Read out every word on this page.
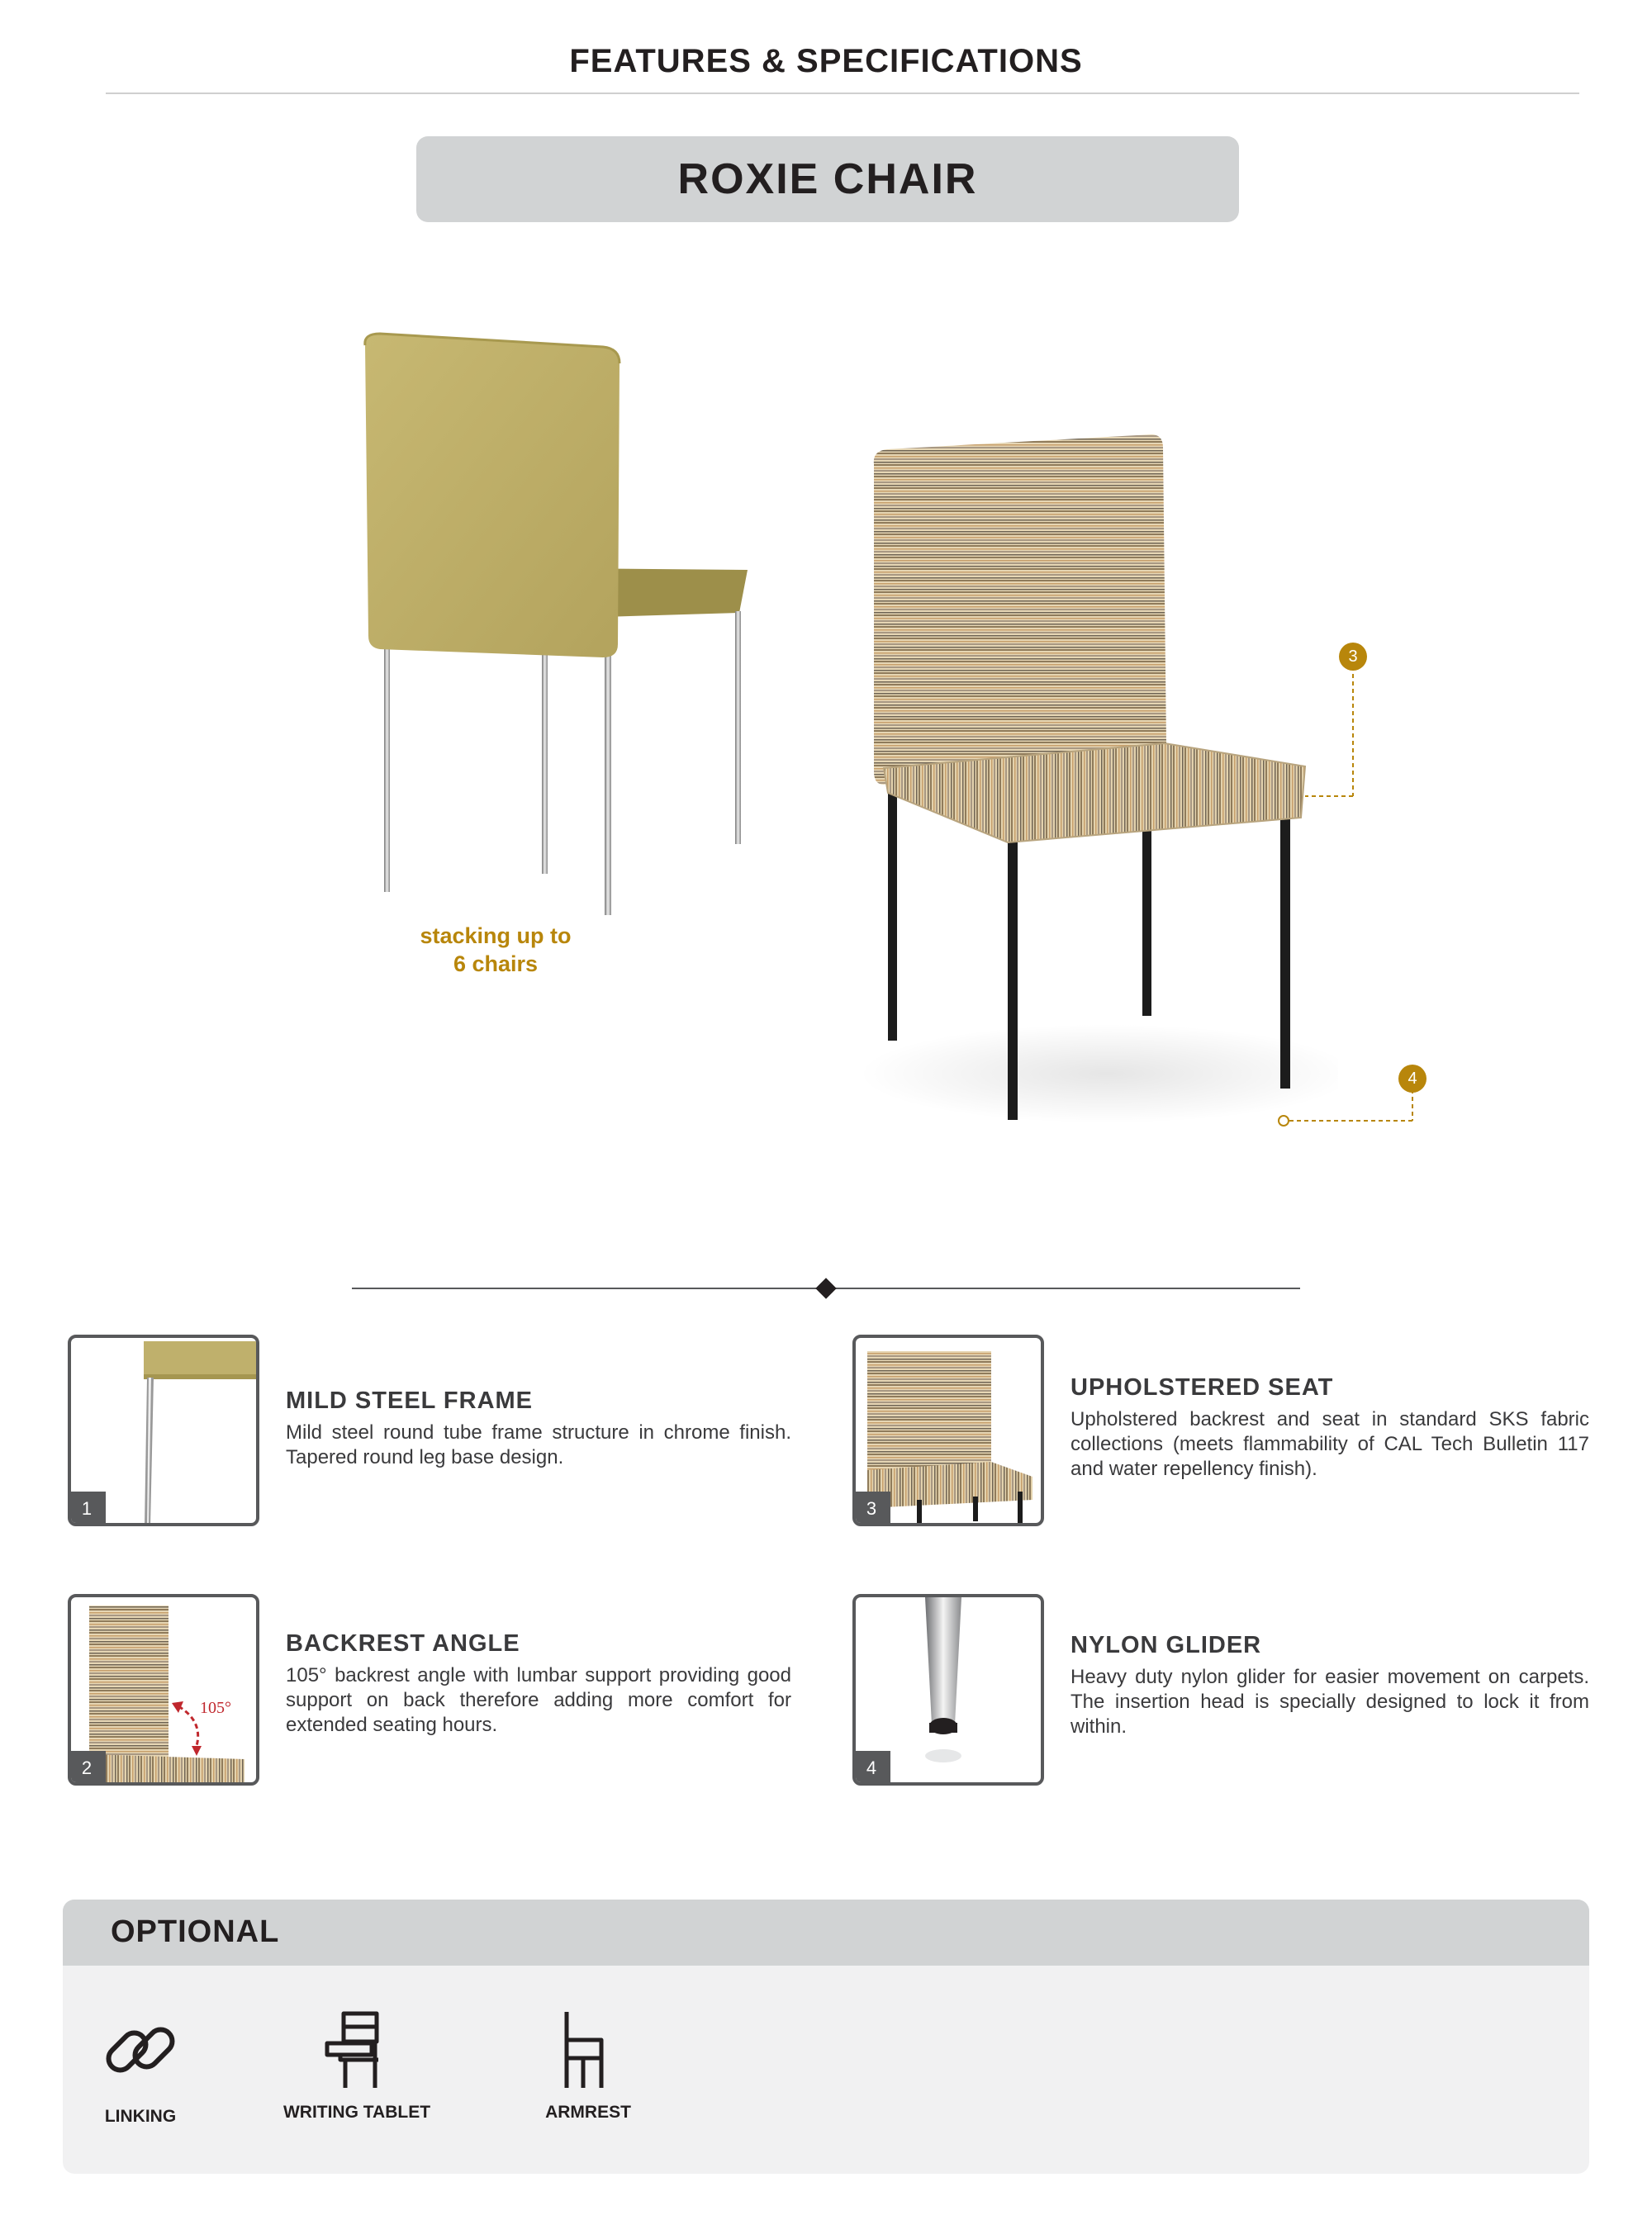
FEATURES & SPECIFICATIONS
ROXIE CHAIR
stacking up to
6 chairs
3
4
1
MILD STEEL FRAME
Mild steel round tube frame structure in chrome finish. Tapered round leg base design.
3
UPHOLSTERED SEAT
Upholstered backrest and seat in standard SKS fabric collections (meets flammability of CAL Tech Bulletin 117 and water repellency finish).
105°
2
BACKREST ANGLE
105° backrest angle with lumbar support providing good support on back therefore adding more comfort for extended seating hours.
4
NYLON GLIDER
Heavy duty nylon glider for easier movement on carpets. The insertion head is specially designed to lock it from within.
OPTIONAL
LINKING	WRITING TABLET	ARMREST
